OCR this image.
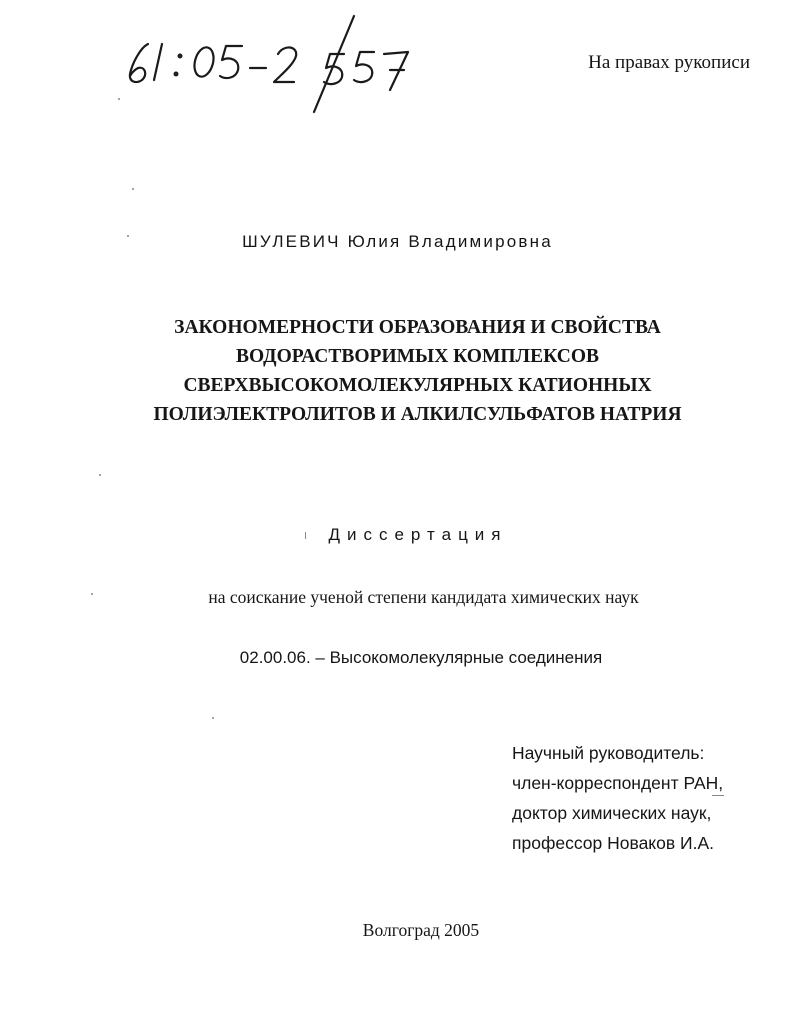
На правах рукописи
ШУЛЕВИЧ Юлия Владимировна
ЗАКОНОМЕРНОСТИ ОБРАЗОВАНИЯ И СВОЙСТВА
ВОДОРАСТВОРИМЫХ КОМПЛЕКСОВ
СВЕРХВЫСОКОМОЛЕКУЛЯРНЫХ КАТИОННЫХ
ПОЛИЭЛЕКТРОЛИТОВ И АЛКИЛСУЛЬФАТОВ НАТРИЯ
Диссертация
на соискание ученой степени кандидата химических наук
02.00.06. – Высокомолекулярные соединения
Научный руководитель:
член-корреспондент РАН,
доктор химических наук,
профессор Новаков И.А.
Волгоград 2005
